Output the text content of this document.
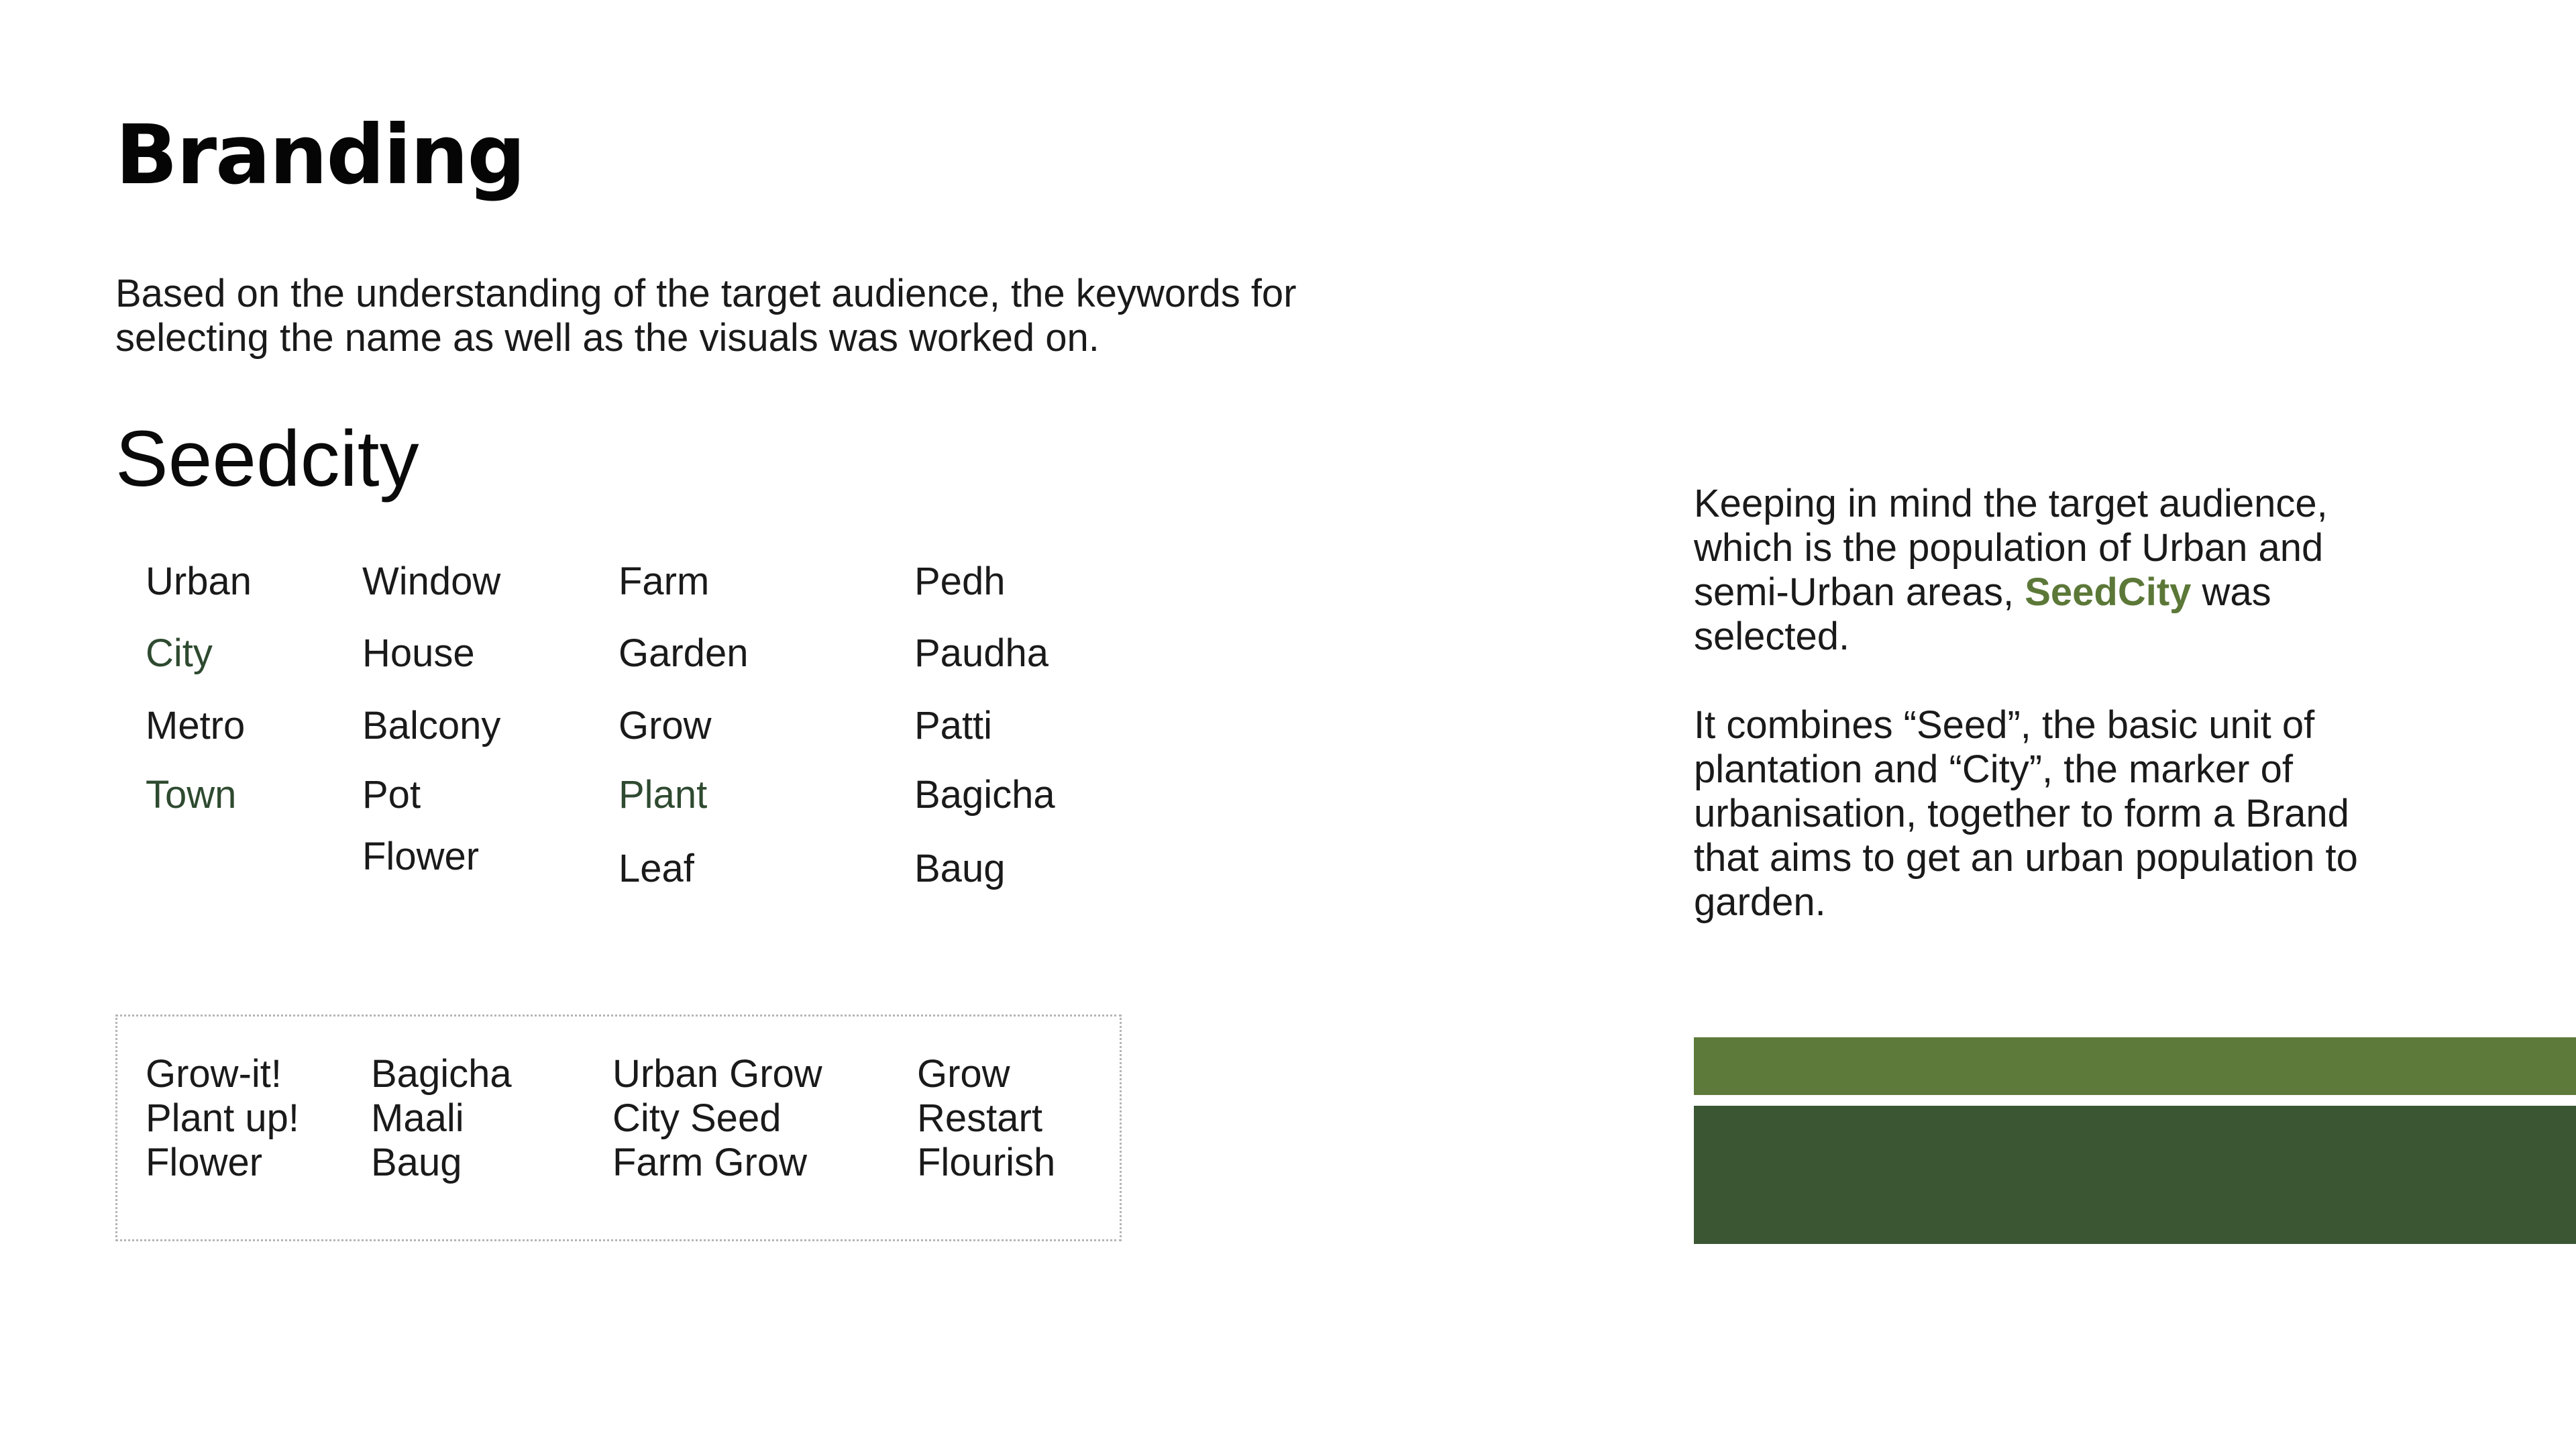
Branding

Based on the understanding of the target audience, the keywords for selecting the name as well as the visuals was worked on.

Seedcity
Urban
City
Metro
Town
Window
House
Balcony
Pot
Flower
Farm
Garden
Grow
Plant
Leaf
Pedh
Paudha
Patti
Bagicha
Baug
Grow-it!
Plant up!
Flower
Bagicha
Maali
Baug
Urban Grow
City Seed
Farm Grow
Grow
Restart
Flourish

Keeping in mind the target audience, which is the population of Urban and semi-Urban areas, SeedCity was selected.

It combines “Seed”, the basic unit of plantation and “City”, the marker of urbanisation, together to form a Brand that aims to get an urban population to garden.
